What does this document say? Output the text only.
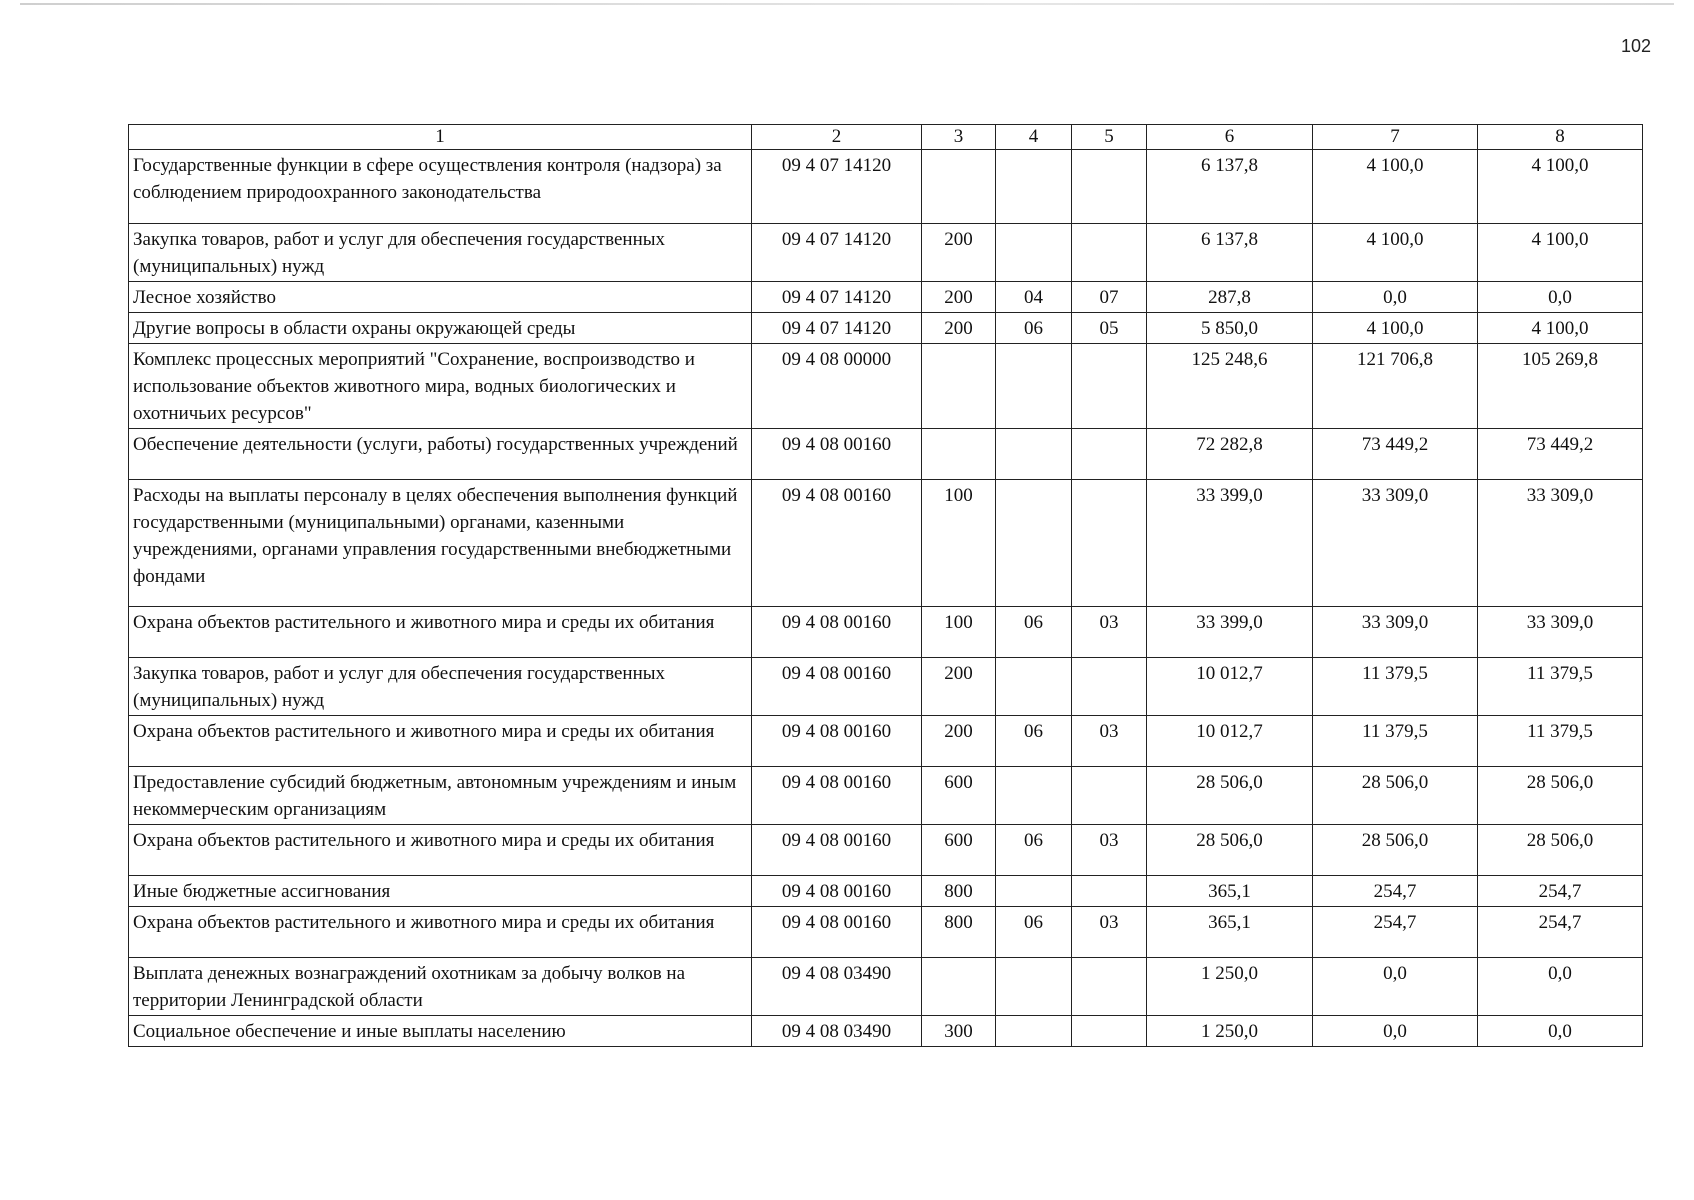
102
1	2	3	4	5	6	7	8
Государственные функции в сфере осуществления контроля (надзора) за соблюдением природоохранного законодательства	09 4 07 14120				6 137,8	4 100,0	4 100,0
Закупка товаров, работ и услуг для обеспечения государственных (муниципальных) нужд	09 4 07 14120	200			6 137,8	4 100,0	4 100,0
Лесное хозяйство	09 4 07 14120	200	04	07	287,8	0,0	0,0
Другие вопросы в области охраны окружающей среды	09 4 07 14120	200	06	05	5 850,0	4 100,0	4 100,0
Комплекс процессных мероприятий "Сохранение, воспроизводство и использование объектов животного мира, водных биологических и охотничьих ресурсов"	09 4 08 00000				125 248,6	121 706,8	105 269,8
Обеспечение деятельности (услуги, работы) государственных учреждений	09 4 08 00160				72 282,8	73 449,2	73 449,2
Расходы на выплаты персоналу в целях обеспечения выполнения функций государственными (муниципальными) органами, казенными учреждениями, органами управления государственными внебюджетными фондами	09 4 08 00160	100			33 399,0	33 309,0	33 309,0
Охрана объектов растительного и животного мира и среды их обитания	09 4 08 00160	100	06	03	33 399,0	33 309,0	33 309,0
Закупка товаров, работ и услуг для обеспечения государственных (муниципальных) нужд	09 4 08 00160	200			10 012,7	11 379,5	11 379,5
Охрана объектов растительного и животного мира и среды их обитания	09 4 08 00160	200	06	03	10 012,7	11 379,5	11 379,5
Предоставление субсидий бюджетным, автономным учреждениям и иным некоммерческим организациям	09 4 08 00160	600			28 506,0	28 506,0	28 506,0
Охрана объектов растительного и животного мира и среды их обитания	09 4 08 00160	600	06	03	28 506,0	28 506,0	28 506,0
Иные бюджетные ассигнования	09 4 08 00160	800			365,1	254,7	254,7
Охрана объектов растительного и животного мира и среды их обитания	09 4 08 00160	800	06	03	365,1	254,7	254,7
Выплата денежных вознаграждений охотникам за добычу волков на территории Ленинградской области	09 4 08 03490				1 250,0	0,0	0,0
Социальное обеспечение и иные выплаты населению	09 4 08 03490	300			1 250,0	0,0	0,0
